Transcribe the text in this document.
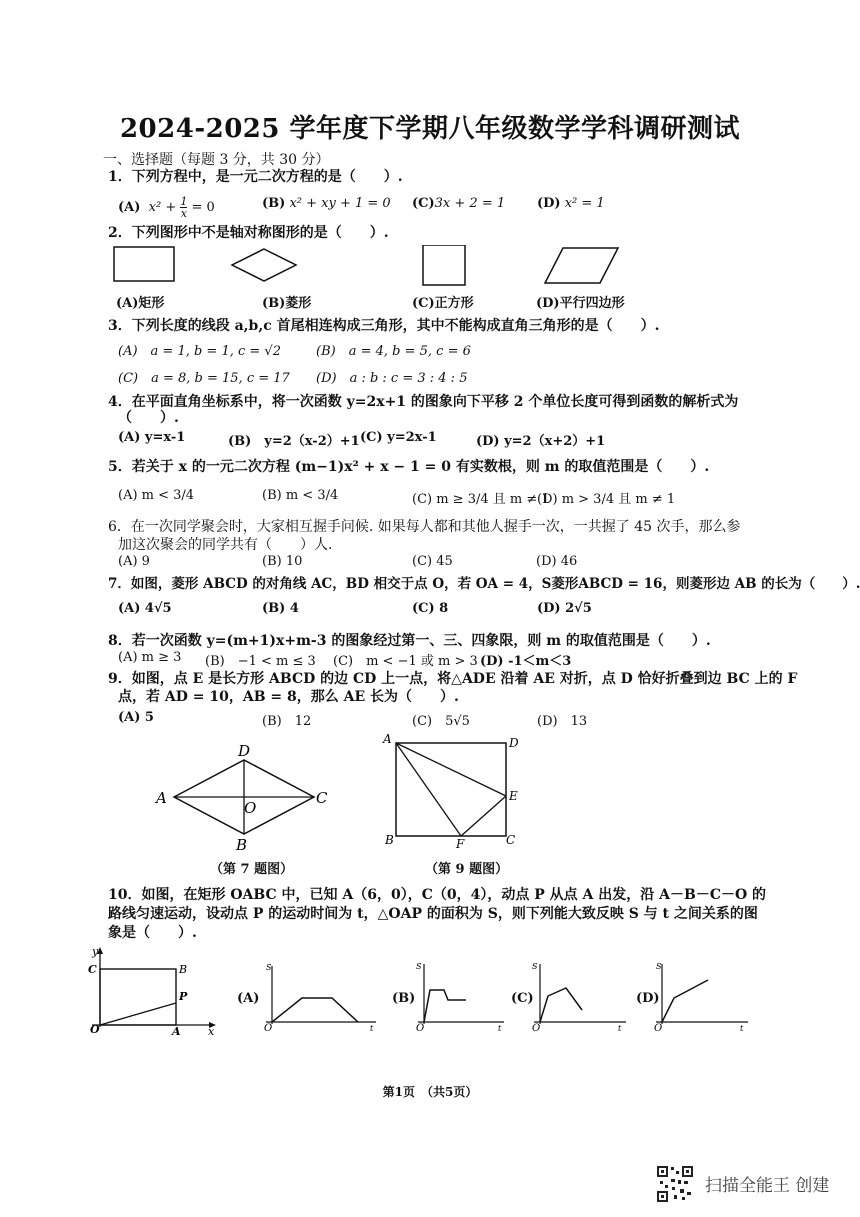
2024-2025 学年度下学期八年级数学学科调研测试
一、选择题（每题 3 分，共 30 分）
1．下列方程中，是一元二次方程的是（　　）.
(A)  $x^2 + \frac{1}{x} = 0$	(B) x² + xy + 1 = 0 (C)3x + 2 = 1 (D) x² = 1
2．下列图形中不是轴对称图形的是（　　）.
(A)矩形	(B)菱形	(C)正方形	(D)平行四边形
3．下列长度的线段 a,b,c 首尾相连构成三角形，其中不能构成直角三角形的是（　　）.
(A)　a = 1, b = 1, c = √2	(B)　a = 4, b = 5, c = 6
(C)　a = 8, b = 15, c = 17 (D)　a : b : c = 3 : 4 : 5
4．在平面直角坐标系中，将一次函数 y=2x+1 的图象向下平移 2 个单位长度可得到函数的解析式为
（　　）.
(A) y=x-1	(B)　y=2（x-2）+1 (C) y=2x-1	(D) y=2（x+2）+1
5．若关于 x 的一元二次方程 (m−1)x² + x − 1 = 0 有实数根，则 m 的取值范围是（　　）.
(A) m < 3/4	(B) m < 3/4	(C) m ≥ 3/4 且 m ≠ 1
(D) m > 3/4 且 m ≠ 1
6．在一次同学聚会时，大家相互握手问候. 如果每人都和其他人握手一次，一共握了 45 次手，那么参
加这次聚会的同学共有（　　）人.
(A) 9	(B) 10	(C) 45	(D) 46
7．如图，菱形 ABCD 的对角线 AC，BD 相交于点 O，若 OA = 4，S菱形ABCD = 16，则菱形边 AB 的长为（　　）.
(A) 4√5	(B) 4	(C) 8	(D) 2√5
8．若一次函数 y=(m+1)x+m-3 的图象经过第一、三、四象限，则 m 的取值范围是（　　）.
(A) m ≥ 3 (B)　−1 < m ≤ 3 (C)　m < −1 或 m > 3 (D) -1＜m＜3
9．如图，点 E 是长方形 ABCD 的边 CD 上一点，将△ADE 沿着 AE 对折，点 D 恰好折叠到边 BC 上的 F
点，若 AD = 10，AB = 8，那么 AE 长为（　　）.
(A) 5	(B)　12	(C)　5√5	(D)　13
D
A
O
C
B
（第 7 题图）
A	D
E
B	F	C
（第 9 题图）
10．如图，在矩形 OABC 中，已知 A（6，0），C（0，4），动点 P 从点 A 出发，沿 A－B－C－O 的
路线匀速运动，设动点 P 的运动时间为 t，△OAP 的面积为 S，则下列能大致反映 S 与 t 之间关系的图
象是（　　）.
y
C	B
P
O	A x
(A)
S
O	t
(B)
S
O	t
(C)
S
O	t
(D)
S
O	t
第1页　（共5页）
扫描全能王 创建
